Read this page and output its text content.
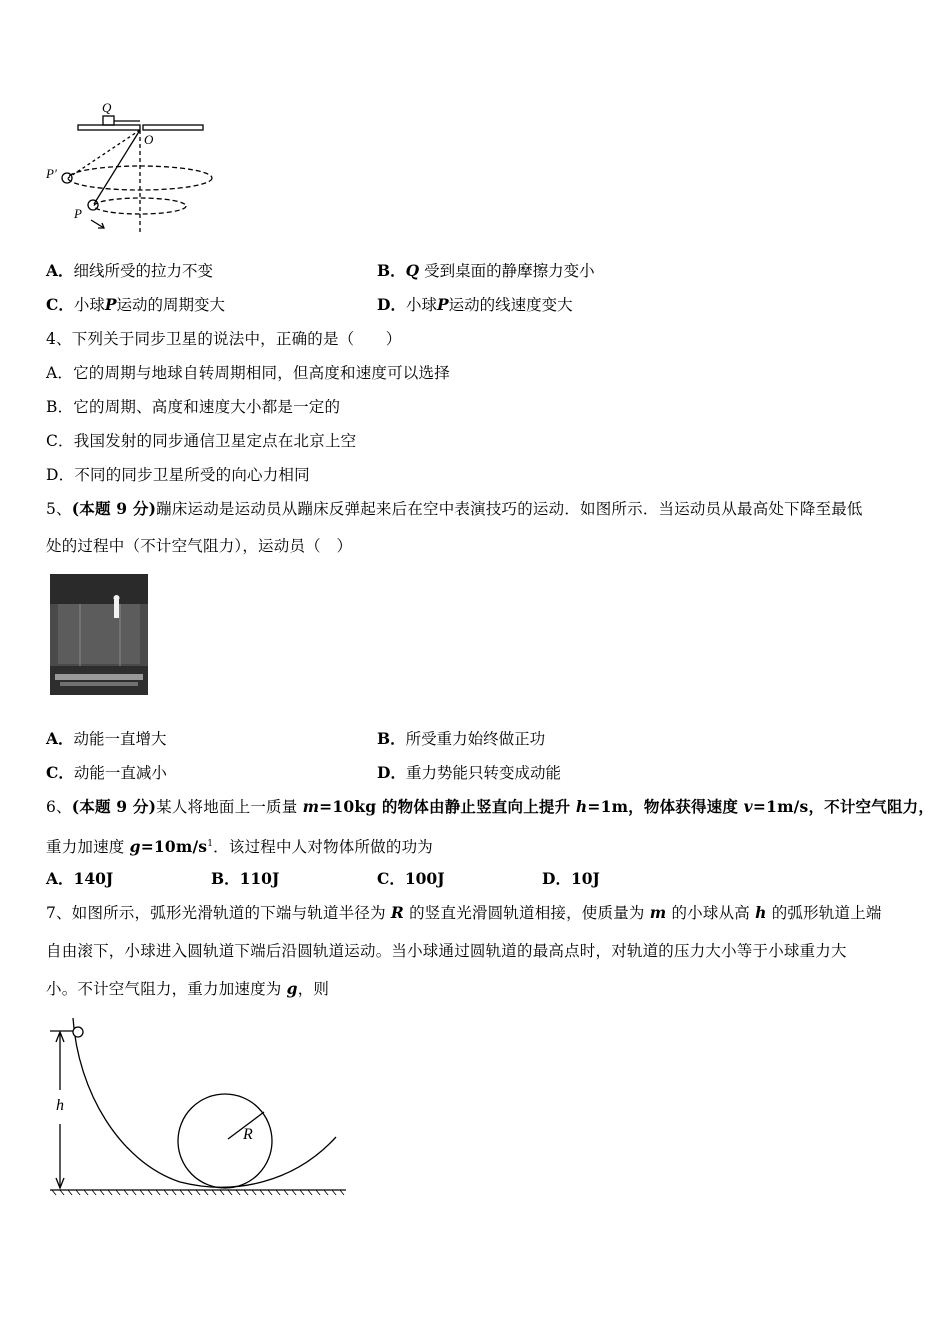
Q
O
P′
P
A．细线所受的拉力不变	B．Q 受到桌面的静摩擦力变小
C．小球P运动的周期变大	D．小球P运动的线速度变大
4、下列关于同步卫星的说法中，正确的是（　　）
A．它的周期与地球自转周期相同，但高度和速度可以选择
B．它的周期、高度和速度大小都是一定的
C．我国发射的同步通信卫星定点在北京上空
D．不同的同步卫星所受的向心力相同
5、(本题 9 分)蹦床运动是运动员从蹦床反弹起来后在空中表演技巧的运动．如图所示．当运动员从最高处下降至最低
处的过程中（不计空气阻力），运动员（　）
A．动能一直增大	B．所受重力始终做正功
C．动能一直减小	D．重力势能只转变成动能
6、(本题 9 分)某人将地面上一质量 m=10kg 的物体由静止竖直向上提升 h=1m，物体获得速度 v=1m/s，不计空气阻力，
重力加速度 $g=10m/s^1$．该过程中人对物体所做的功为
A．140J	B．110J	C．100J	D．10J
7、如图所示，弧形光滑轨道的下端与轨道半径为 R 的竖直光滑圆轨道相接，使质量为 m 的小球从高 h 的弧形轨道上端
自由滚下，小球进入圆轨道下端后沿圆轨道运动。当小球通过圆轨道的最高点时，对轨道的压力大小等于小球重力大
小。不计空气阻力，重力加速度为 g，则
h
R
